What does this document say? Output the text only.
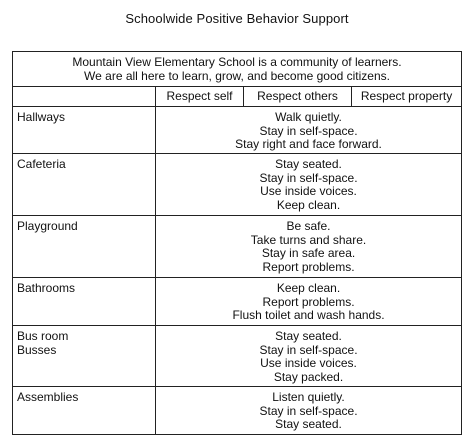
Schoolwide Positive Behavior Support
Mountain View Elementary School is a community of learners.
We are all here to learn, grow, and become good citizens.			

	Respect self	Respect others	Respect property

Hallways	Walk quietly.
Stay in self-space.
Stay right and face forward.		

Cafeteria	Stay seated.
Stay in self-space.
Use inside voices.
Keep clean.		

Playground	Be safe.
Take turns and share.
Stay in safe area.
Report problems.		

Bathrooms	Keep clean.
Report problems.
Flush toilet and wash hands.		

Bus room
Busses	Stay seated.
Stay in self-space.
Use inside voices.
Stay packed.		

Assemblies	Listen quietly.
Stay in self-space.
Stay seated.		
